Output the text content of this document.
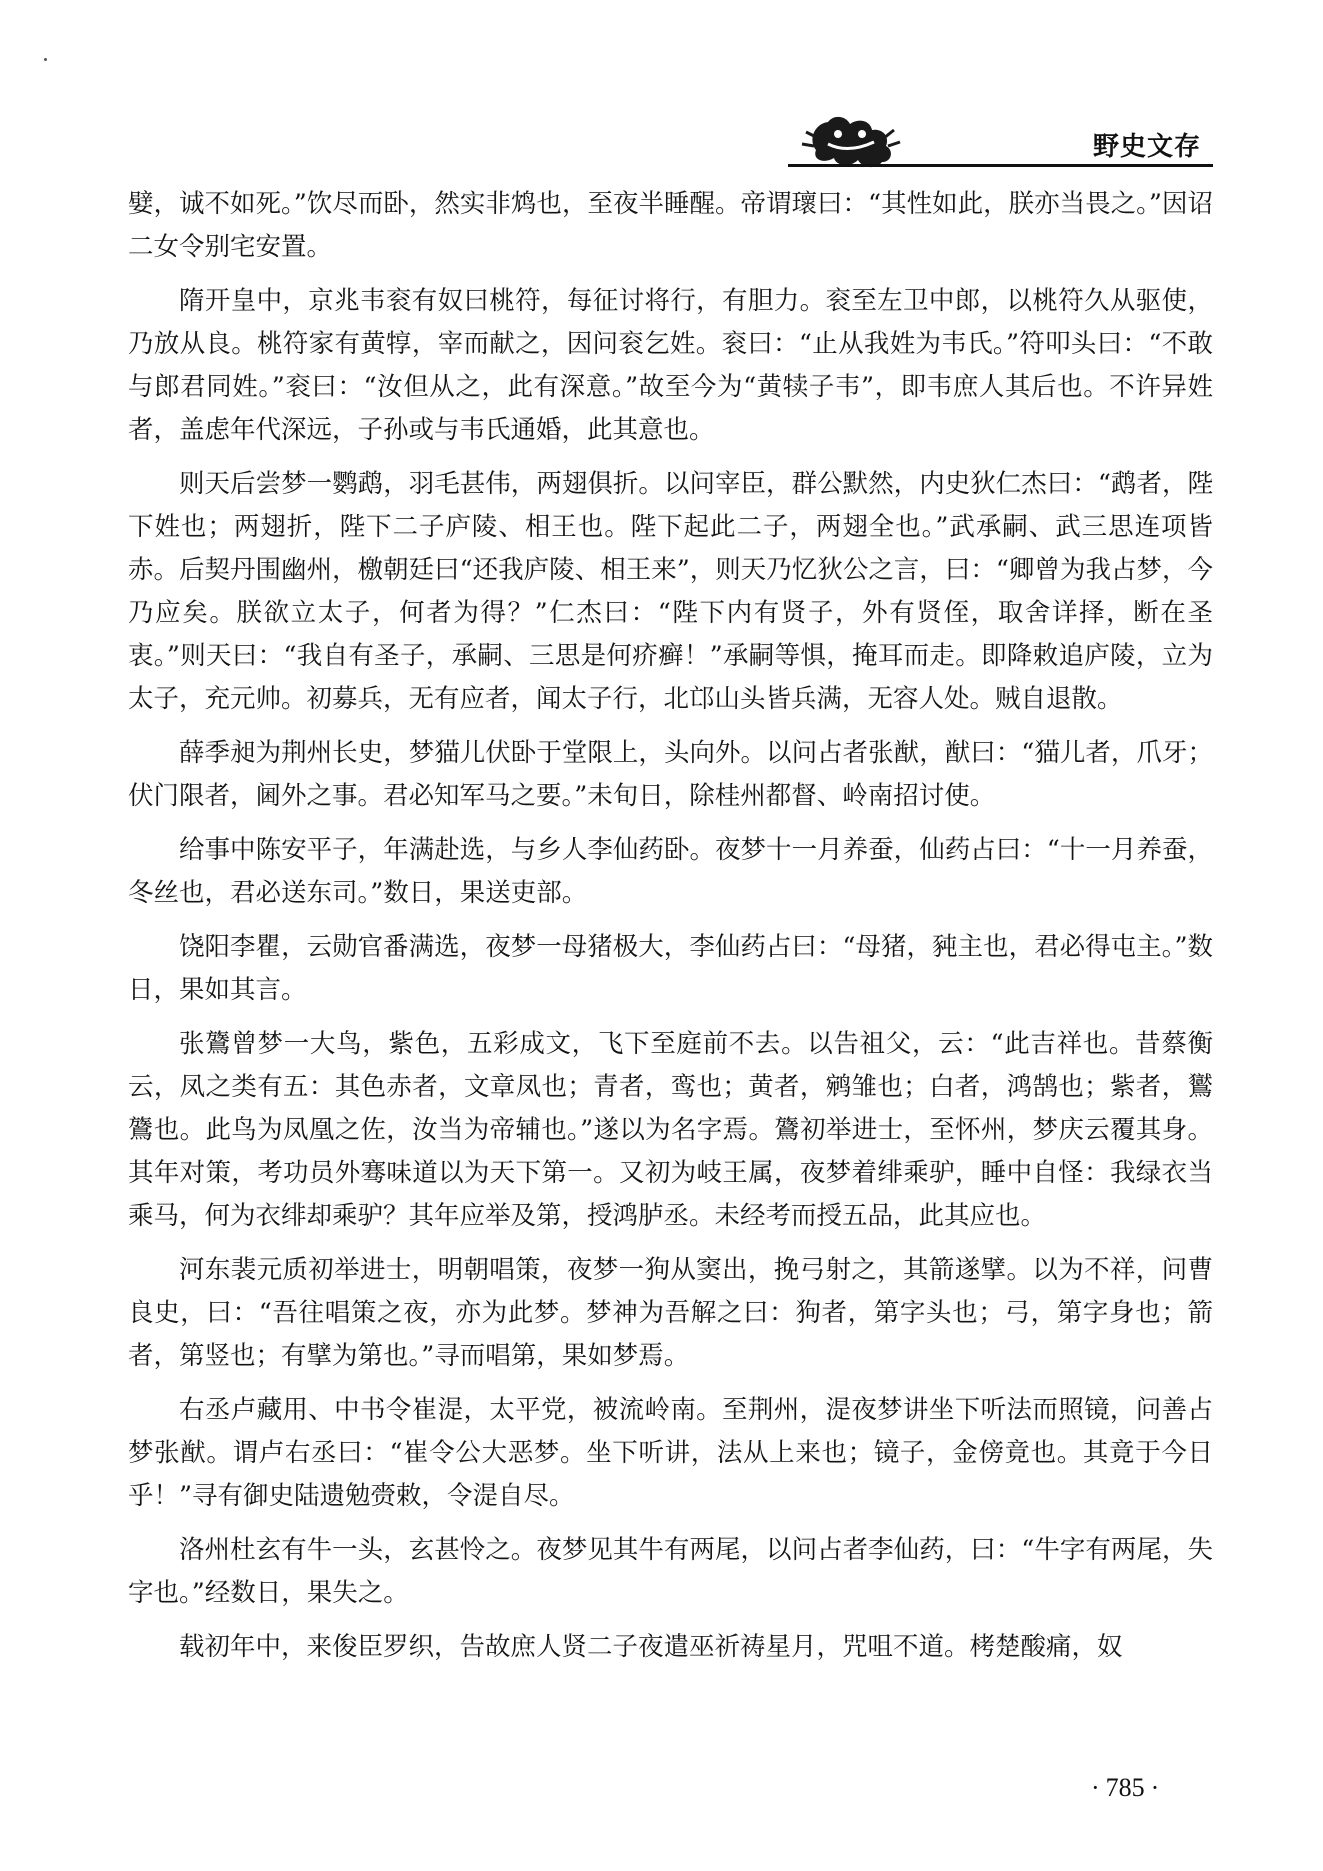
野史文存

嬖，诚不如死。”饮尽而卧，然实非鸩也，至夜半睡醒。帝谓瓌曰：“其性如此，朕亦当畏之。”因诏二女令别宅安置。

隋开皇中，京兆韦衮有奴曰桃符，每征讨将行，有胆力。衮至左卫中郎，以桃符久从驱使，乃放从良。桃符家有黄犉，宰而献之，因问衮乞姓。衮曰：“止从我姓为韦氏。”符叩头曰：“不敢与郎君同姓。”衮曰：“汝但从之，此有深意。”故至今为“黄犊子韦”，即韦庶人其后也。不许异姓者，盖虑年代深远，子孙或与韦氏通婚，此其意也。

则天后尝梦一鹦鹉，羽毛甚伟，两翅俱折。以问宰臣，群公默然，内史狄仁杰曰：“鹉者，陛下姓也；两翅折，陛下二子庐陵、相王也。陛下起此二子，两翅全也。”武承嗣、武三思连项皆赤。后契丹围幽州，檄朝廷曰“还我庐陵、相王来”，则天乃忆狄公之言，曰：“卿曾为我占梦，今乃应矣。朕欲立太子，何者为得？”仁杰曰：“陛下内有贤子，外有贤侄，取舍详择，断在圣衷。”则天曰：“我自有圣子，承嗣、三思是何疥癣！”承嗣等惧，掩耳而走。即降敕追庐陵，立为太子，充元帅。初募兵，无有应者，闻太子行，北邙山头皆兵满，无容人处。贼自退散。

薛季昶为荆州长史，梦猫儿伏卧于堂限上，头向外。以问占者张猷，猷曰：“猫儿者，爪牙；伏门限者，阃外之事。君必知军马之要。”未旬日，除桂州都督、岭南招讨使。

给事中陈安平子，年满赴选，与乡人李仙药卧。夜梦十一月养蚕，仙药占曰：“十一月养蚕，冬丝也，君必送东司。”数日，果送吏部。

饶阳李瞿，云勋官番满选，夜梦一母猪极大，李仙药占曰：“母猪，豘主也，君必得屯主。”数日，果如其言。

张鷟曾梦一大鸟，紫色，五彩成文，飞下至庭前不去。以告祖父，云：“此吉祥也。昔蔡衡云，凤之类有五：其色赤者，文章凤也；青者，鸾也；黄者，鹓雏也；白者，鸿鹄也；紫者，鸑鷟也。此鸟为凤凰之佐，汝当为帝辅也。”遂以为名字焉。鷟初举进士，至怀州，梦庆云覆其身。其年对策，考功员外骞味道以为天下第一。又初为岐王属，夜梦着绯乘驴，睡中自怪：我绿衣当乘马，何为衣绯却乘驴？其年应举及第，授鸿胪丞。未经考而授五品，此其应也。

河东裴元质初举进士，明朝唱策，夜梦一狗从窦出，挽弓射之，其箭遂擘。以为不祥，问曹良史，曰：“吾往唱策之夜，亦为此梦。梦神为吾解之曰：狗者，第字头也；弓，第字身也；箭者，第竖也；有擘为第也。”寻而唱第，果如梦焉。

右丞卢藏用、中书令崔湜，太平党，被流岭南。至荆州，湜夜梦讲坐下听法而照镜，问善占梦张猷。谓卢右丞曰：“崔令公大恶梦。坐下听讲，法从上来也；镜子，金傍竟也。其竟于今日乎！”寻有御史陆遗勉赍敕，令湜自尽。

洛州杜玄有牛一头，玄甚怜之。夜梦见其牛有两尾，以问占者李仙药，曰：“牛字有两尾，失字也。”经数日，果失之。

载初年中，来俊臣罗织，告故庶人贤二子夜遣巫祈祷星月，咒咀不道。栲楚酸痛，奴

· 785 ·
